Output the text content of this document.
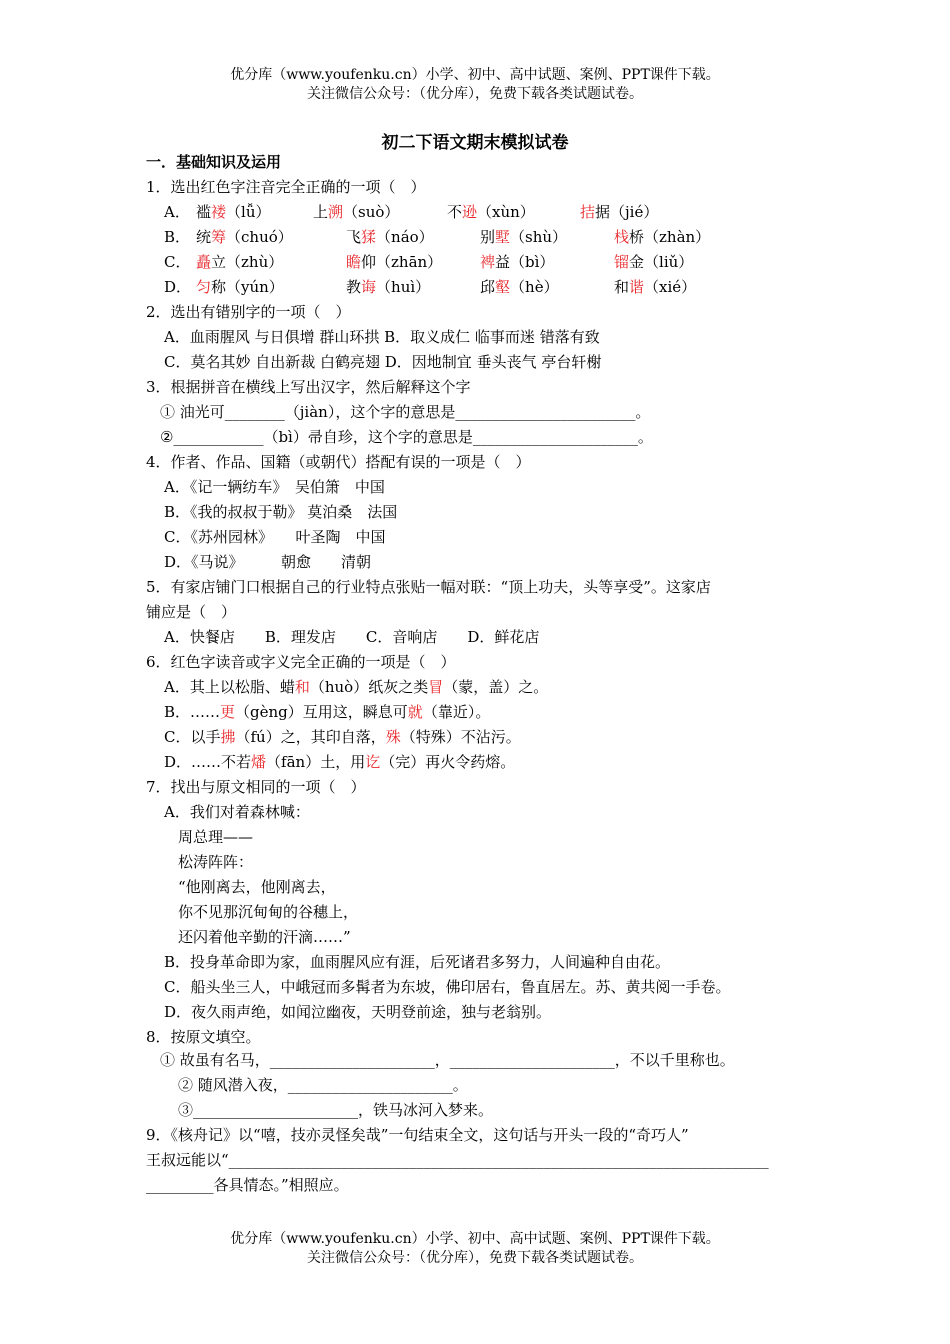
优分库（www.youfenku.cn）小学、初中、高中试题、案例、PPT课件下载。
关注微信公众号：（优分库），免费下载各类试题试卷。
初二下语文期末模拟试卷
一．基础知识及运用
1．选出红色字注音完全正确的一项（　）
A． 褴褛（lǚ）	上溯（suò）	不逊（xùn）	拮据（jié）
B． 统筹（chuó）	飞猱（náo）	别墅（shù）	栈桥（zhàn）
C． 矗立（zhù）	瞻仰（zhān）	裨益（bì）	镏金（liǔ）
D． 匀称（yún）	教诲（huì）	邱壑（hè）	和谐（xié）
2．选出有错别字的一项（　）
A．血雨腥风 与日俱增 群山环拱 B．取义成仁 临事而迷 错落有致
C．莫名其妙 自出新裁 白鹤亮翅 D．因地制宜 垂头丧气 亭台轩榭
3．根据拼音在横线上写出汉字，然后解释这个字
① 油光可________（jiàn），这个字的意思是________________________。
②____________（bì）帚自珍，这个字的意思是______________________。
4．作者、作品、国籍（或朝代）搭配有误的一项是（　）
A．《记一辆纺车》　吴伯箫　中国
B．《我的叔叔于勒》 莫泊桑　法国
C．《苏州园林》　　叶圣陶　中国
D．《马说》　　　朝愈　　清朝
5．有家店铺门口根据自己的行业特点张贴一幅对联：“顶上功夫，头等享受”。这家店
铺应是（　）
A．快餐店　　B．理发店　　C．音响店　　D．鲜花店
6．红色字读音或字义完全正确的一项是（　）
A．其上以松脂、蜡和（huò）纸灰之类冒（蒙，盖）之。
B．……更（gèng）互用这，瞬息可就（靠近）。
C．以手拂（fú）之，其印自落，殊（特殊）不沾污。
D．……不若燔（fān）土，用讫（完）再火令药熔。
7．找出与原文相同的一项（　）
A．我们对着森林喊：
周总理——
松涛阵阵：
“他刚离去，他刚离去，
你不见那沉甸甸的谷穗上，
还闪着他辛勤的汗滴……”
B．投身革命即为家，血雨腥风应有涯，后死诸君多努力，人间遍种自由花。
C．船头坐三人，中峨冠而多髯者为东坡，佛印居右，鲁直居左。苏、黄共阅一手卷。
D．夜久雨声绝，如闻泣幽夜，天明登前途，独与老翁别。
8．按原文填空。
① 故虽有名马，______________________，______________________，不以千里称也。
② 随风潜入夜，______________________。
③______________________，铁马冰河入梦来。
9．《核舟记》以“嘻，技亦灵怪矣哉”一句结束全文，这句话与开头一段的“奇巧人”
王叔远能以“________________________________________________________________________
_________各具情态。”相照应。
优分库（www.youfenku.cn）小学、初中、高中试题、案例、PPT课件下载。
关注微信公众号：（优分库），免费下载各类试题试卷。
